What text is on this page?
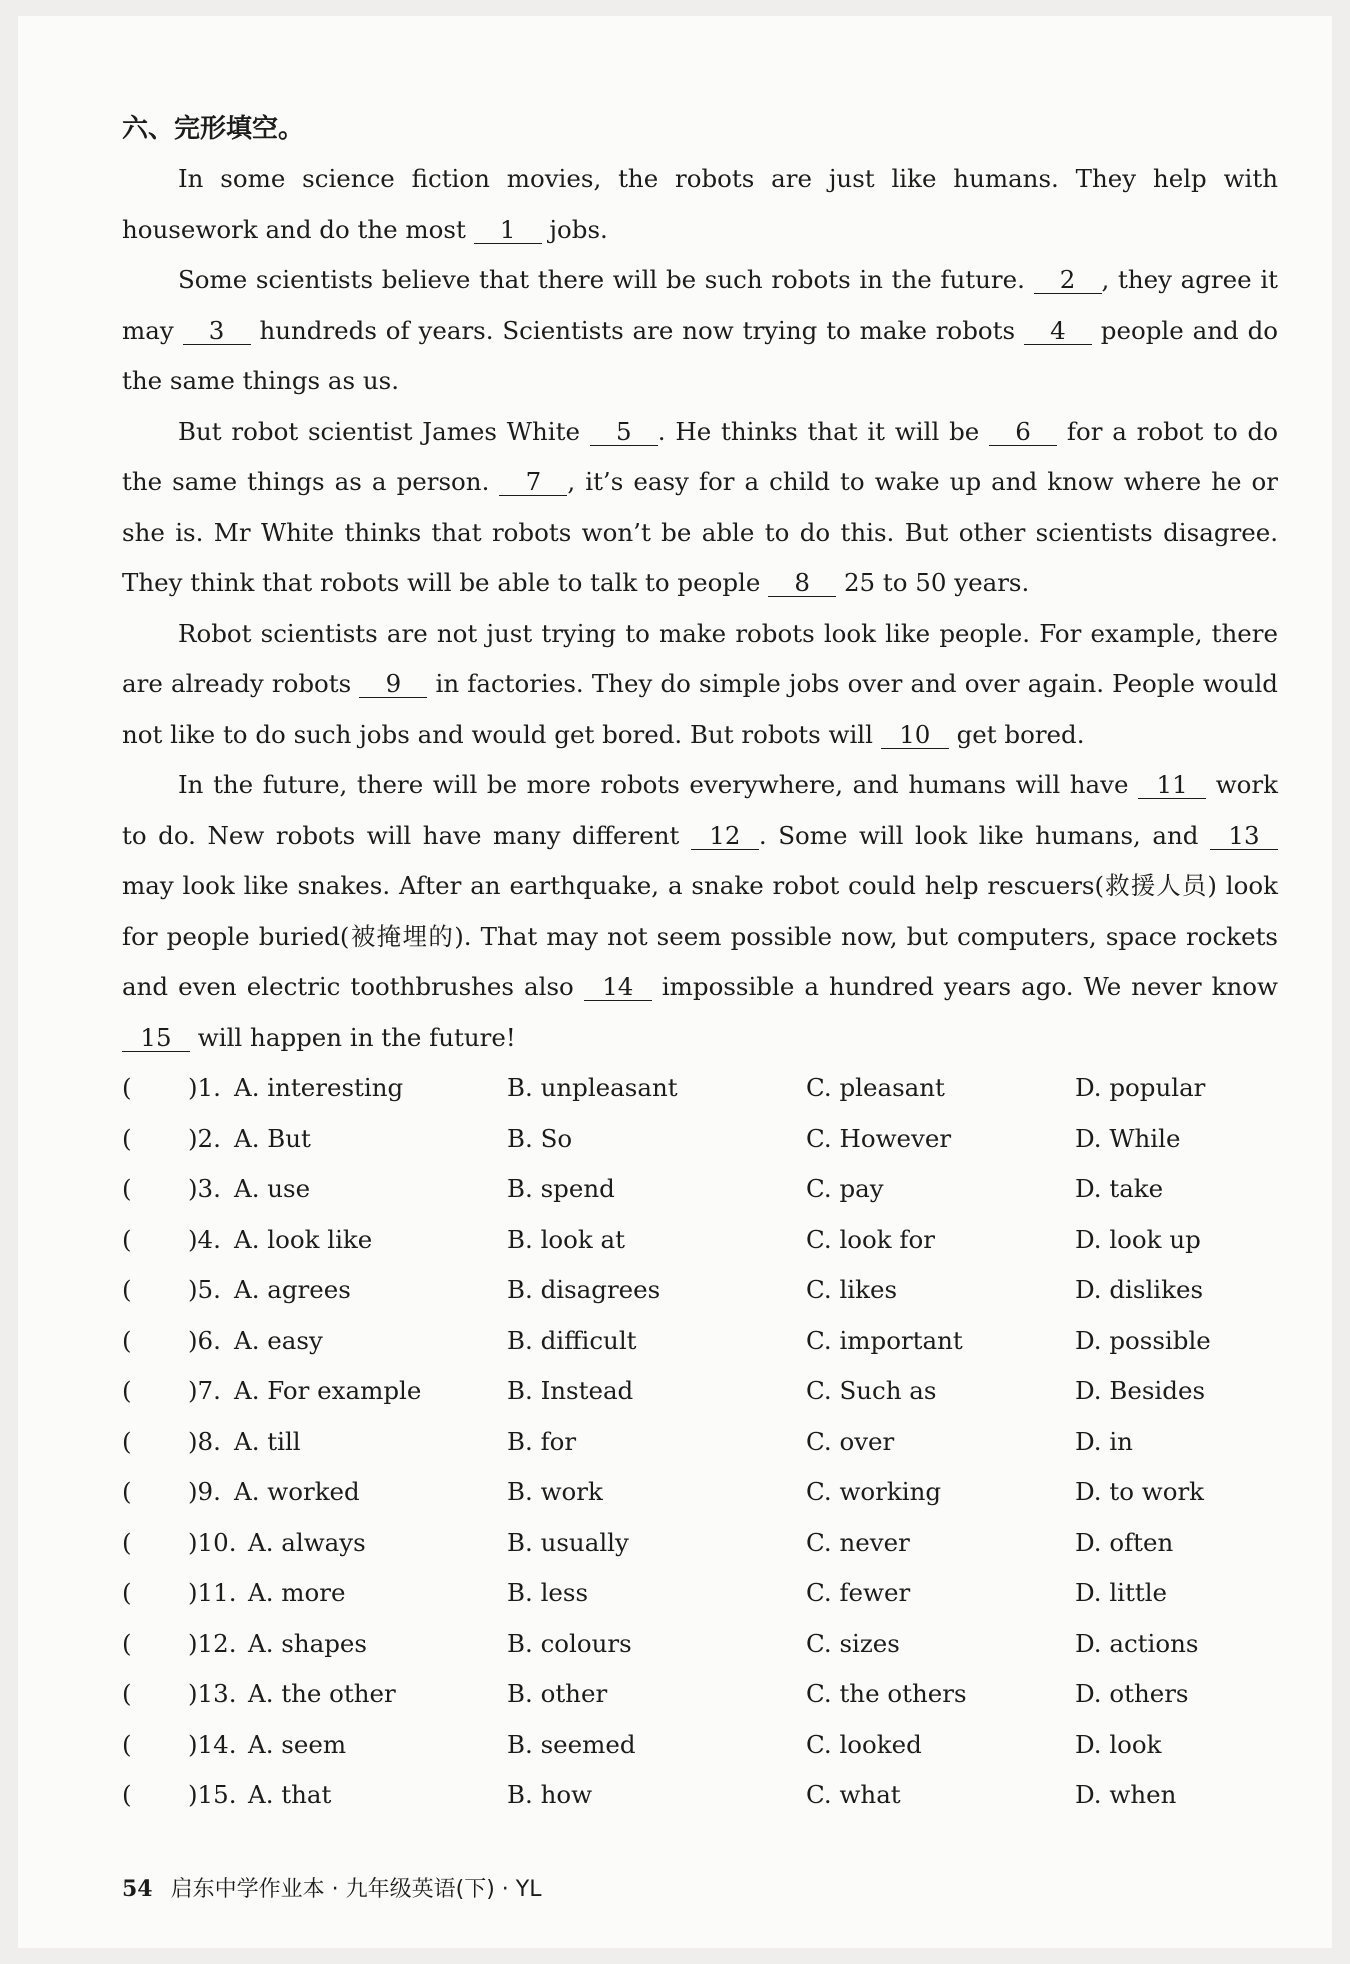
六、完形填空。

In some science fiction movies, the robots are just like humans. They help with housework and do the most 1 jobs.

Some scientists believe that there will be such robots in the future. 2 , they agree it may 3 hundreds of years. Scientists are now trying to make robots 4 people and do the same things as us.

But robot scientist James White 5 . He thinks that it will be 6 for a robot to do the same things as a person. 7 , it’s easy for a child to wake up and know where he or she is. Mr White thinks that robots won’t be able to do this. But other scientists disagree. They think that robots will be able to talk to people 8 25 to 50 years.

Robot scientists are not just trying to make robots look like people. For example, there are already robots 9 in factories. They do simple jobs over and over again. People would not like to do such jobs and would get bored. But robots will 10 get bored.

In the future, there will be more robots everywhere, and humans will have 11 work to do. New robots will have many different 12 . Some will look like humans, and 13 may look like snakes. After an earthquake, a snake robot could help rescuers(救援人员) look for people buried(被掩埋的). That may not seem possible now, but computers, space rockets and even electric toothbrushes also 14 impossible a hundred years ago. We never know 15 will happen in the future!

( )1. A. interesting	B. unpleasant	C. pleasant	D. popular
( )2. A. But	B. So	C. However	D. While
( )3. A. use	B. spend	C. pay	D. take
( )4. A. look like	B. look at	C. look for	D. look up
( )5. A. agrees	B. disagrees	C. likes	D. dislikes
( )6. A. easy	B. difficult	C. important	D. possible
( )7. A. For example	B. Instead	C. Such as	D. Besides
( )8. A. till	B. for	C. over	D. in
( )9. A. worked	B. work	C. working	D. to work
( )10. A. always	B. usually	C. never	D. often
( )11. A. more	B. less	C. fewer	D. little
( )12. A. shapes	B. colours	C. sizes	D. actions
( )13. A. the other	B. other	C. the others	D. others
( )14. A. seem	B. seemed	C. looked	D. look
( )15. A. that	B. how	C. what	D. when
54 启东中学作业本 · 九年级英语(下) · YL
